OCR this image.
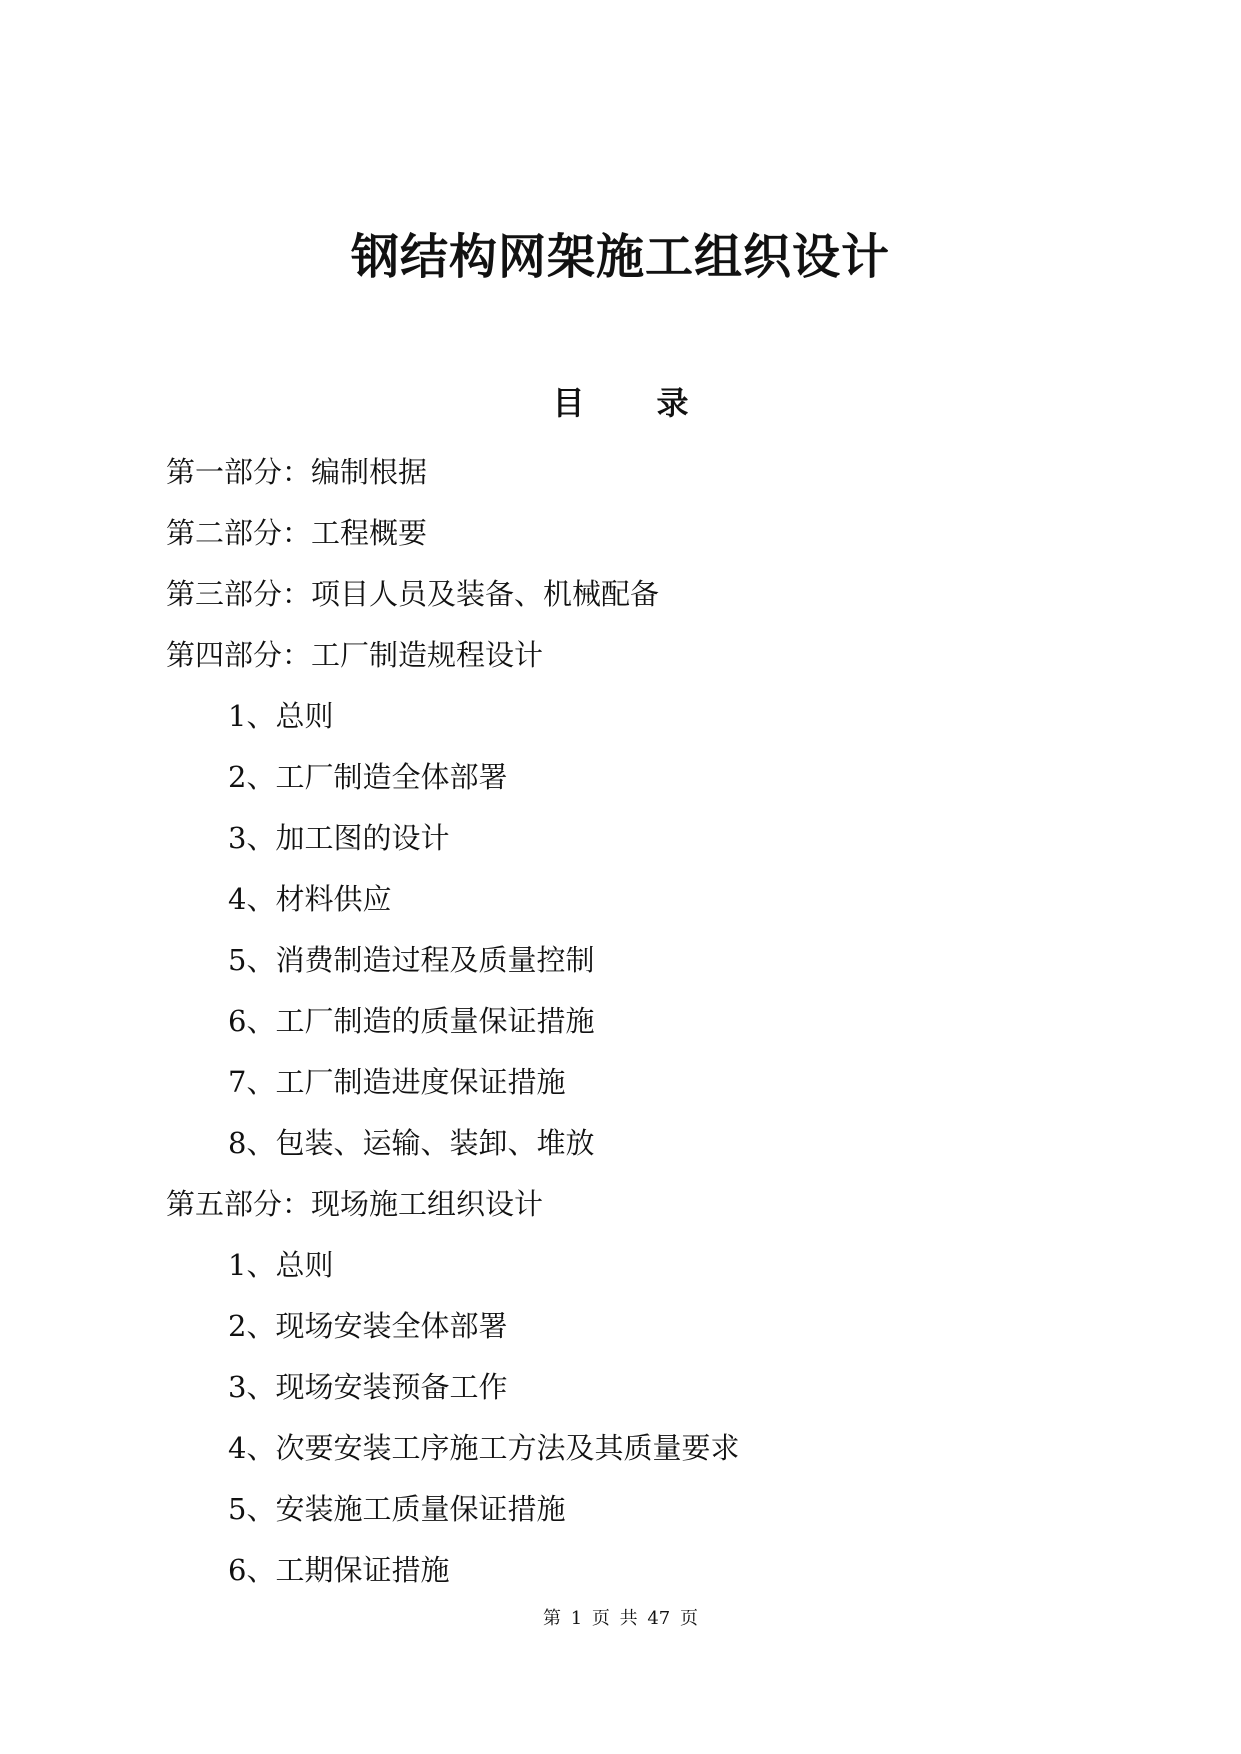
钢结构网架施工组织设计
目 录
第一部分：编制根据
第二部分：工程概要
第三部分：项目人员及装备、机械配备
第四部分：工厂制造规程设计
1、总则
2、工厂制造全体部署
3、加工图的设计
4、材料供应
5、消费制造过程及质量控制
6、工厂制造的质量保证措施
7、工厂制造进度保证措施
8、包装、运输、装卸、堆放
第五部分：现场施工组织设计
1、总则
2、现场安装全体部署
3、现场安装预备工作
4、次要安装工序施工方法及其质量要求
5、安装施工质量保证措施
6、工期保证措施
第 1 页 共 47 页
